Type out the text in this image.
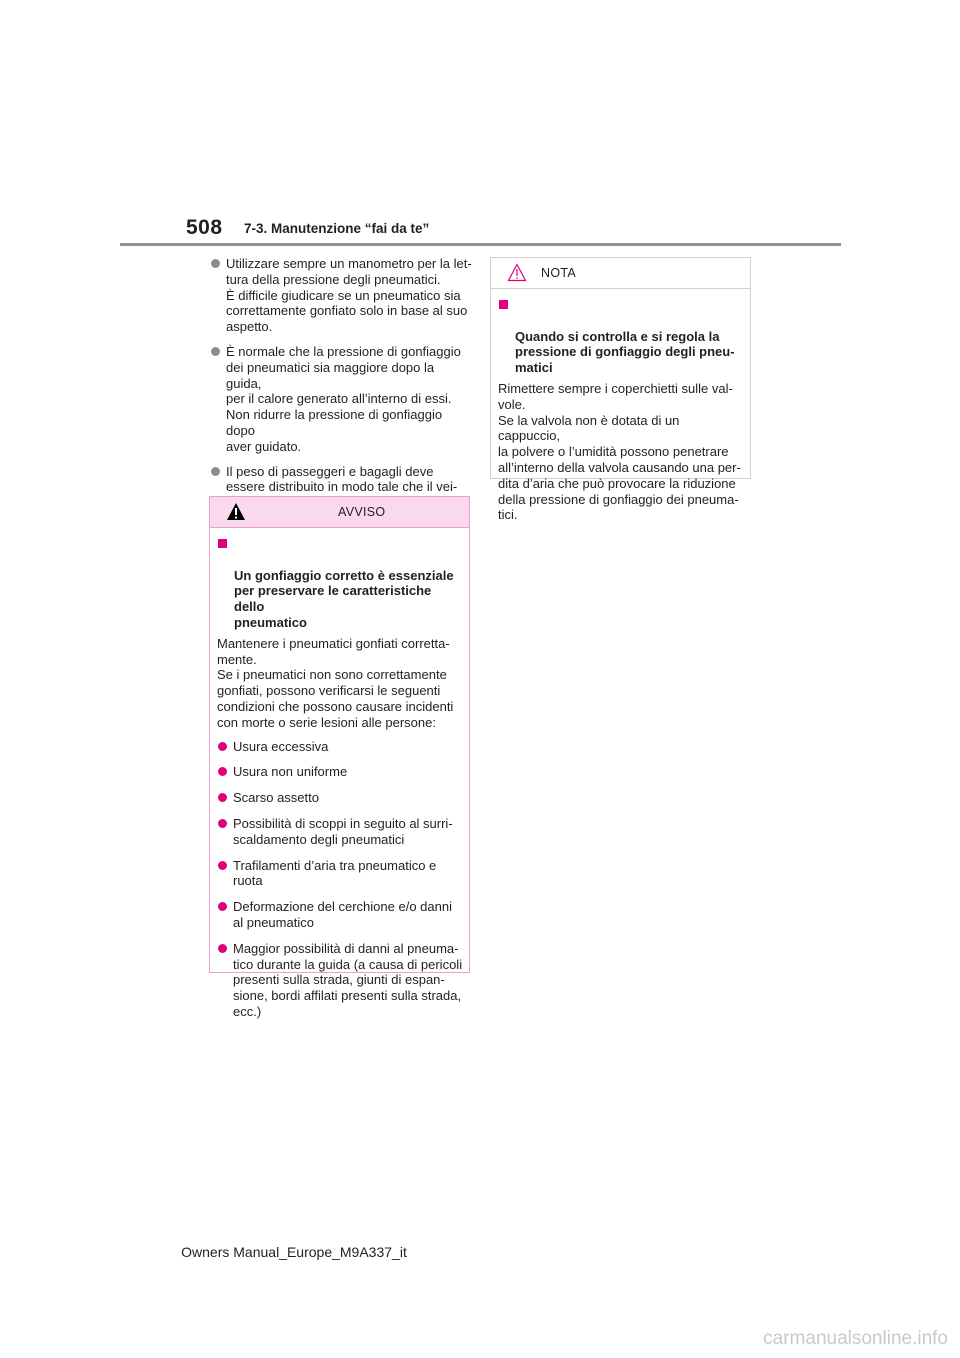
508 7-3. Manutenzione “fai da te”
Utilizzare sempre un manometro per la let-
tura della pressione degli pneumatici.
È difficile giudicare se un pneumatico sia
correttamente gonfiato solo in base al suo
aspetto.
È normale che la pressione di gonfiaggio
dei pneumatici sia maggiore dopo la guida,
per il calore generato all’interno di essi.
Non ridurre la pressione di gonfiaggio dopo
aver guidato.
Il peso di passeggeri e bagagli deve
essere distribuito in modo tale che il vei-

AVVISO

Un gonfiaggio corretto è essenziale
per preservare le caratteristiche dello
pneumatico

Mantenere i pneumatici gonfiati corretta-
mente.
Se i pneumatici non sono correttamente
gonfiati, possono verificarsi le seguenti
condizioni che possono causare incidenti
con morte o serie lesioni alle persone:
Usura eccessiva
Usura non uniforme
Scarso assetto
Possibilità di scoppi in seguito al surri-
scaldamento degli pneumatici
Trafilamenti d’aria tra pneumatico e
ruota
Deformazione del cerchione e/o danni
al pneumatico
Maggior possibilità di danni al pneuma-
tico durante la guida (a causa di pericoli
presenti sulla strada, giunti di espan-
sione, bordi affilati presenti sulla strada,
ecc.)
NOTA

Quando si controlla e si regola la
pressione di gonfiaggio degli pneu-
matici

Rimettere sempre i coperchietti sulle val-
vole.
Se la valvola non è dotata di un cappuccio,
la polvere o l’umidità possono penetrare
all’interno della valvola causando una per-
dita d’aria che può provocare la riduzione
della pressione di gonfiaggio dei pneuma-
tici.
Owners Manual_Europe_M9A337_it
carmanualsonline.info
